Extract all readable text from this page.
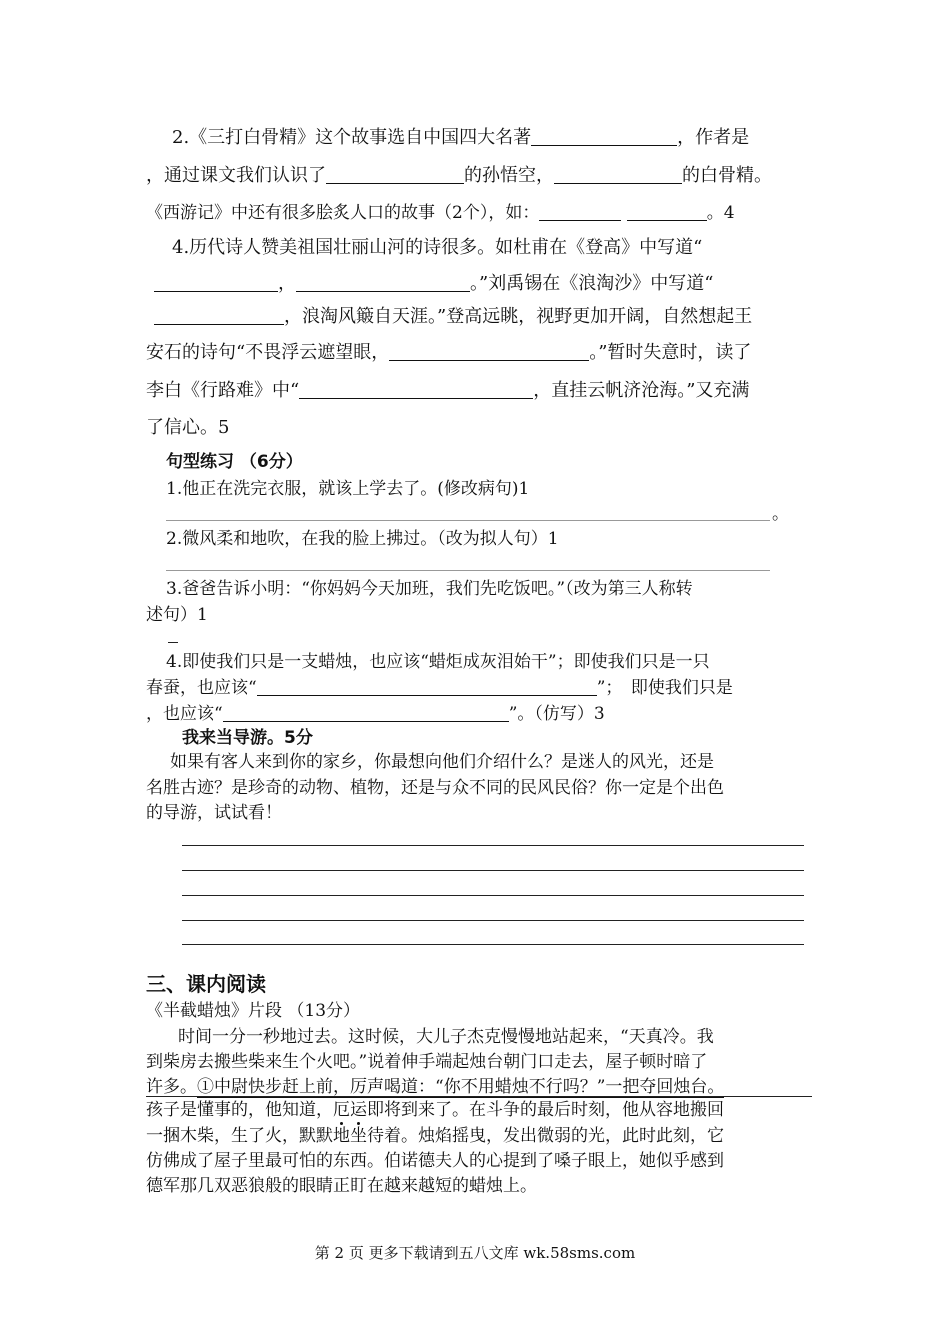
2.《三打白骨精》这个故事选自中国四大名著	，作者是
，通过课文我们认识了	的孙悟空，	的白骨精。
《西游记》中还有很多脍炙人口的故事（2个），如：	。4
4.历代诗人赞美祖国壮丽山河的诗很多。如杜甫在《登高》中写道“
，	。”刘禹锡在《浪淘沙》中写道“
，浪淘风簸自天涯。”登高远眺，视野更加开阔，自然想起王
安石的诗句“不畏浮云遮望眼，	。”暂时失意时，读了
李白《行路难》中“	，直挂云帆济沧海。”又充满
了信心。5
句型练习 （6分）
1.他正在洗完衣服，就该上学去了。(修改病句)1
。
2.微风柔和地吹，在我的脸上拂过。（改为拟人句）1
3.爸爸告诉小明：“你妈妈今天加班，我们先吃饭吧。”（改为第三人称转
述句）1
4.即使我们只是一支蜡烛，也应该“蜡炬成灰泪始干”；即使我们只是一只
春蚕，也应该“	”；　即使我们只是
，也应该“	”。（仿写）3
我来当导游。5分
如果有客人来到你的家乡，你最想向他们介绍什么？是迷人的风光，还是
名胜古迹？是珍奇的动物、植物，还是与众不同的民风民俗？你一定是个出色
的导游，试试看！
三、课内阅读
《半截蜡烛》片段 （13分）
时间一分一秒地过去。这时候，大儿子杰克慢慢地站起来，“天真冷。我
到柴房去搬些柴来生个火吧。”说着伸手端起烛台朝门口走去，屋子顿时暗了
许多。①中尉快步赶上前，厉声喝道：“你不用蜡烛不行吗？”一把夺回烛台。
孩子是懂事的，他知道，厄运即将到来了。在斗争的最后时刻，他从容地搬回
一捆木柴，生了火，默默地坐待着。烛焰摇曳，发出微弱的光，此时此刻，它
仿佛成了屋子里最可怕的东西。伯诺德夫人的心提到了嗓子眼上，她似乎感到
德军那几双恶狼般的眼睛正盯在越来越短的蜡烛上。
第 2 页 更多下载请到五八文库 wk.58sms.com
